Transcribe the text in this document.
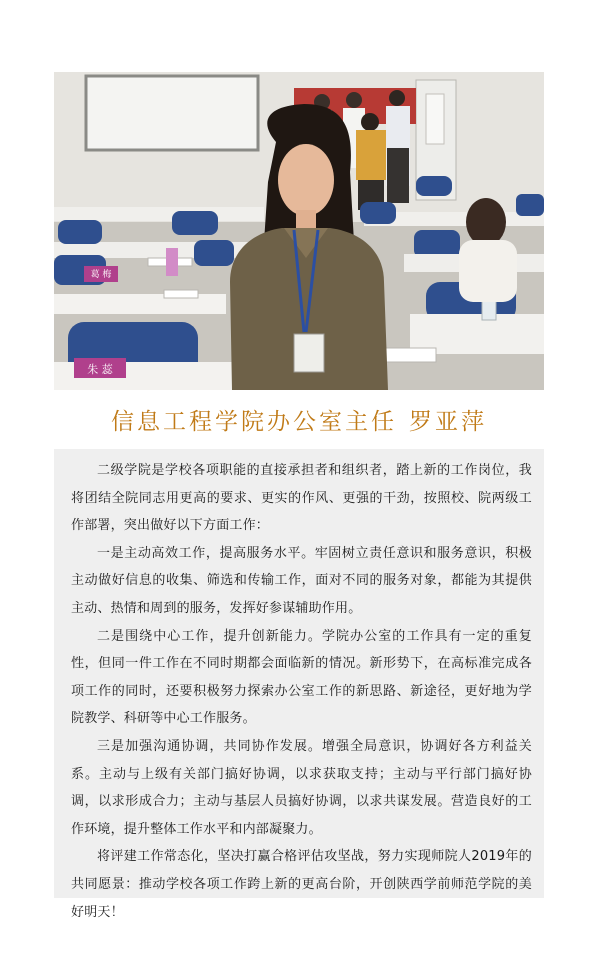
葛 梅
朱 蕊
信息工程学院办公室主任 罗亚萍

二级学院是学校各项职能的直接承担者和组织者，踏上新的工作岗位，我将团结全院同志用更高的要求、更实的作风、更强的干劲，按照校、院两级工作部署，突出做好以下方面工作：

一是主动高效工作，提高服务水平。牢固树立责任意识和服务意识，积极主动做好信息的收集、筛选和传输工作，面对不同的服务对象，都能为其提供主动、热情和周到的服务，发挥好参谋辅助作用。

二是围绕中心工作，提升创新能力。学院办公室的工作具有一定的重复性，但同一件工作在不同时期都会面临新的情况。新形势下，在高标准完成各项工作的同时，还要积极努力探索办公室工作的新思路、新途径，更好地为学院教学、科研等中心工作服务。

三是加强沟通协调，共同协作发展。增强全局意识，协调好各方利益关系。主动与上级有关部门搞好协调，以求获取支持；主动与平行部门搞好协调，以求形成合力；主动与基层人员搞好协调，以求共谋发展。营造良好的工作环境，提升整体工作水平和内部凝聚力。

将评建工作常态化，坚决打赢合格评估攻坚战，努力实现师院人2019年的共同愿景：推动学校各项工作跨上新的更高台阶，开创陕西学前师范学院的美好明天！
